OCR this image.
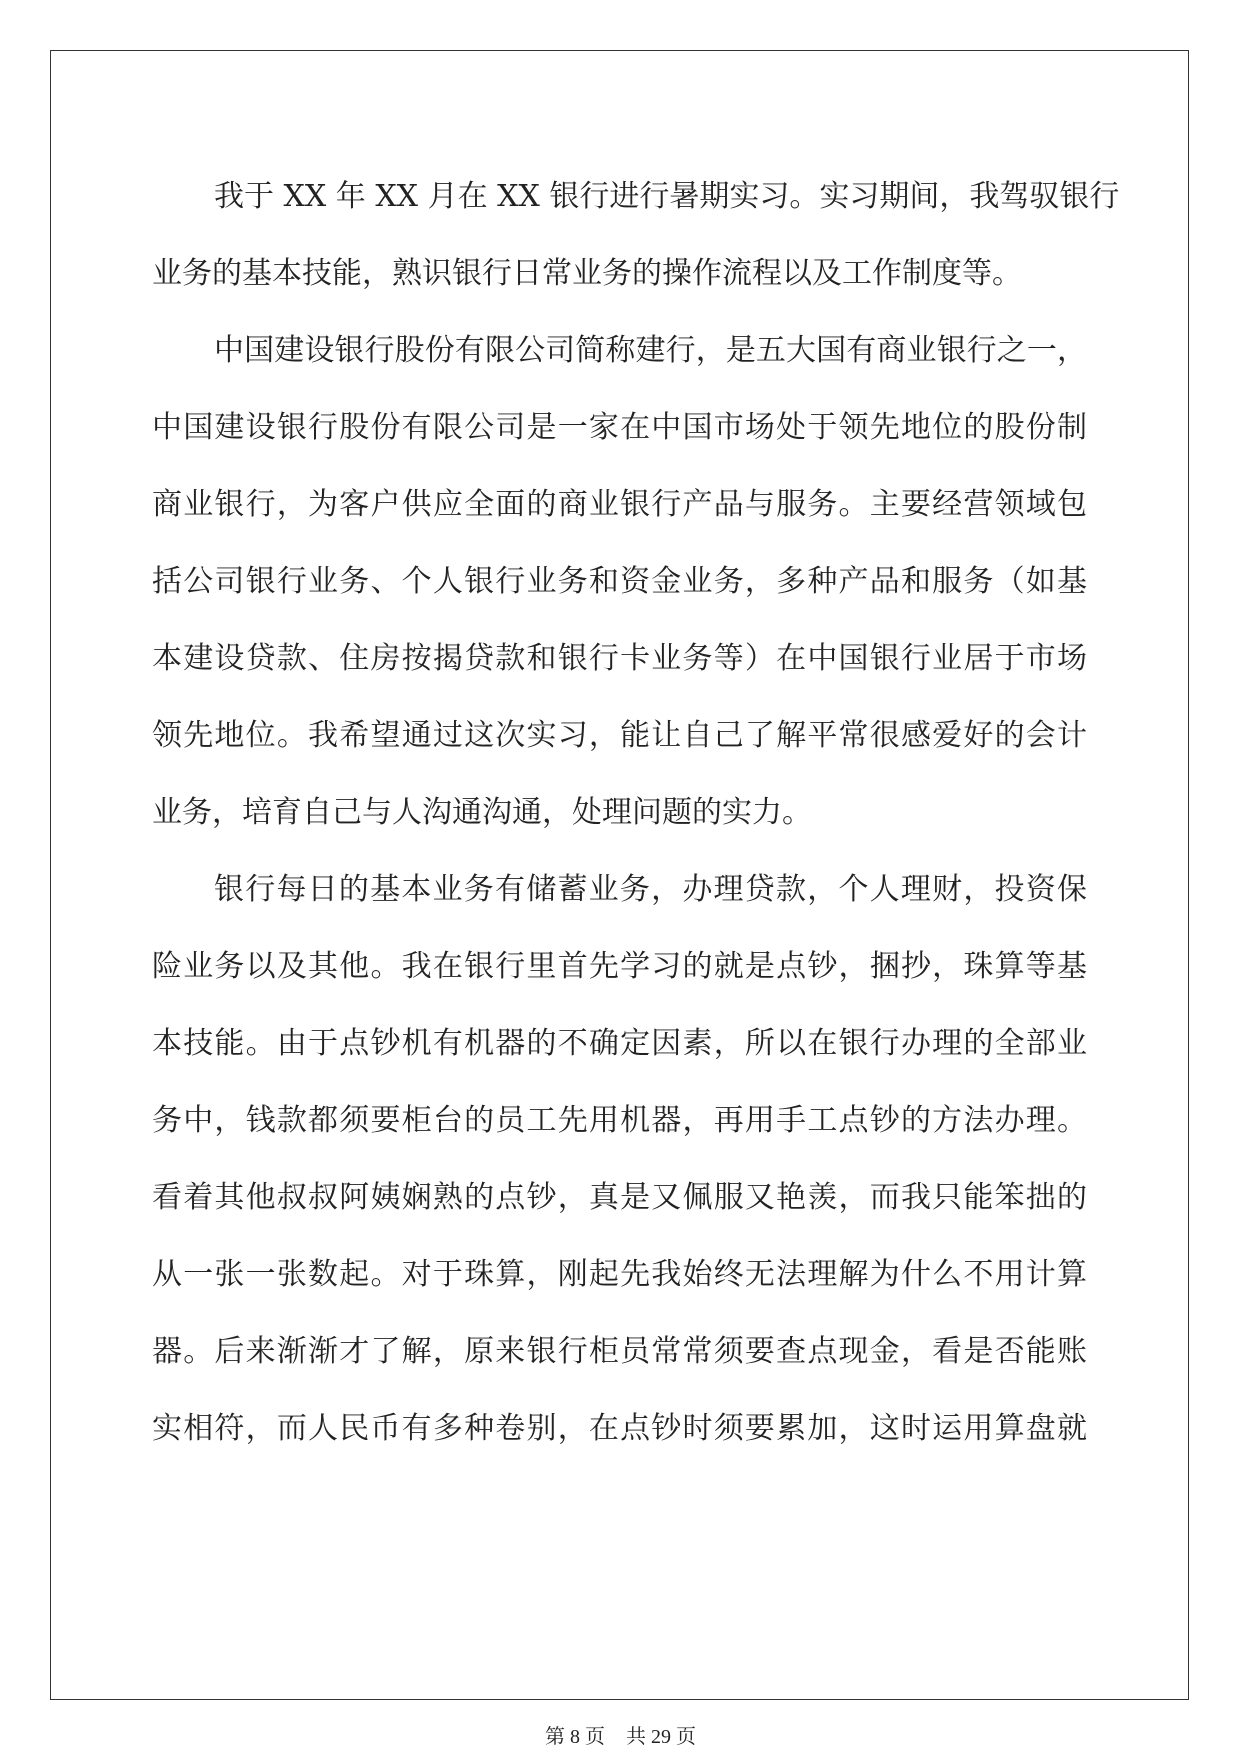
我于 XX 年 XX 月在 XX 银行进行暑期实习。实习期间，我驾驭银行
业务的基本技能，熟识银行日常业务的操作流程以及工作制度等。
中国建设银行股份有限公司简称建行，是五大国有商业银行之一，
中国建设银行股份有限公司是一家在中国市场处于领先地位的股份制
商业银行，为客户供应全面的商业银行产品与服务。主要经营领域包
括公司银行业务、个人银行业务和资金业务，多种产品和服务（如基
本建设贷款、住房按揭贷款和银行卡业务等）在中国银行业居于市场
领先地位。我希望通过这次实习，能让自己了解平常很感爱好的会计
业务，培育自己与人沟通沟通，处理问题的实力。
银行每日的基本业务有储蓄业务，办理贷款，个人理财，投资保
险业务以及其他。我在银行里首先学习的就是点钞，捆抄，珠算等基
本技能。由于点钞机有机器的不确定因素，所以在银行办理的全部业
务中，钱款都须要柜台的员工先用机器，再用手工点钞的方法办理。
看着其他叔叔阿姨娴熟的点钞，真是又佩服又艳羡，而我只能笨拙的
从一张一张数起。对于珠算，刚起先我始终无法理解为什么不用计算
器。后来渐渐才了解，原来银行柜员常常须要查点现金，看是否能账
实相符，而人民币有多种卷别，在点钞时须要累加，这时运用算盘就
第 8 页 共 29 页
